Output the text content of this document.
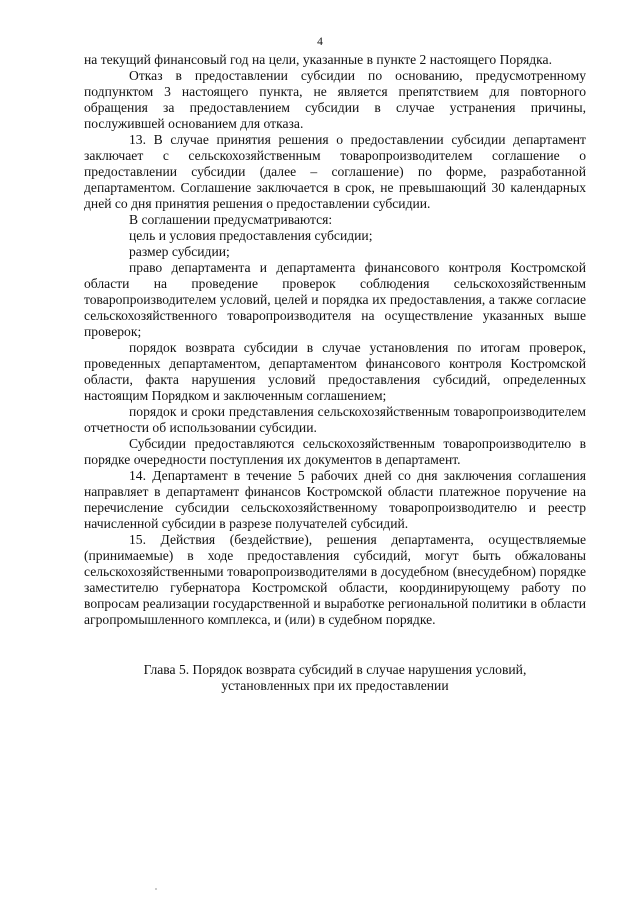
4

на текущий финансовый год на цели, указанные в пункте 2 настоящего Порядка.

Отказ в предоставлении субсидии по основанию, предусмотренному подпунктом 3 настоящего пункта, не является препятствием для повторного обращения за предоставлением субсидии в случае устранения причины, послужившей основанием для отказа.

13. В случае принятия решения о предоставлении субсидии департамент заключает с сельскохозяйственным товаропроизводителем соглашение о предоставлении субсидии (далее – соглашение) по форме, разработанной департаментом. Соглашение заключается в срок, не превышающий 30 календарных дней со дня принятия решения о предоставлении субсидии.

В соглашении предусматриваются:

цель и условия предоставления субсидии;

размер субсидии;

право департамента и департамента финансового контроля Костромской области на проведение проверок соблюдения сельскохозяйственным товаропроизводителем условий, целей и порядка их предоставления, а также согласие сельскохозяйственного товаропроизводителя на осуществление указанных выше проверок;

порядок возврата субсидии в случае установления по итогам проверок, проведенных департаментом, департаментом финансового контроля Костромской области, факта нарушения условий предоставления субсидий, определенных настоящим Порядком и заключенным соглашением;

порядок и сроки представления сельскохозяйственным товаропроизводителем отчетности об использовании субсидии.

Субсидии предоставляются сельскохозяйственным товаропроизводителю в порядке очередности поступления их документов в департамент.

14. Департамент в течение 5 рабочих дней со дня заключения соглашения направляет в департамент финансов Костромской области платежное поручение на перечисление субсидии сельскохозяйственному товаропроизводителю и реестр начисленной субсидии в разрезе получателей субсидий.

15. Действия (бездействие), решения департамента, осуществляемые (принимаемые) в ходе предоставления субсидий, могут быть обжалованы сельскохозяйственными товаропроизводителями в досудебном (внесудебном) порядке заместителю губернатора Костромской области, координирующему работу по вопросам реализации государственной и выработке региональной политики в области агропромышленного комплекса, и (или) в судебном порядке.

Глава 5. Порядок возврата субсидий в случае нарушения условий, установленных при их предоставлении
